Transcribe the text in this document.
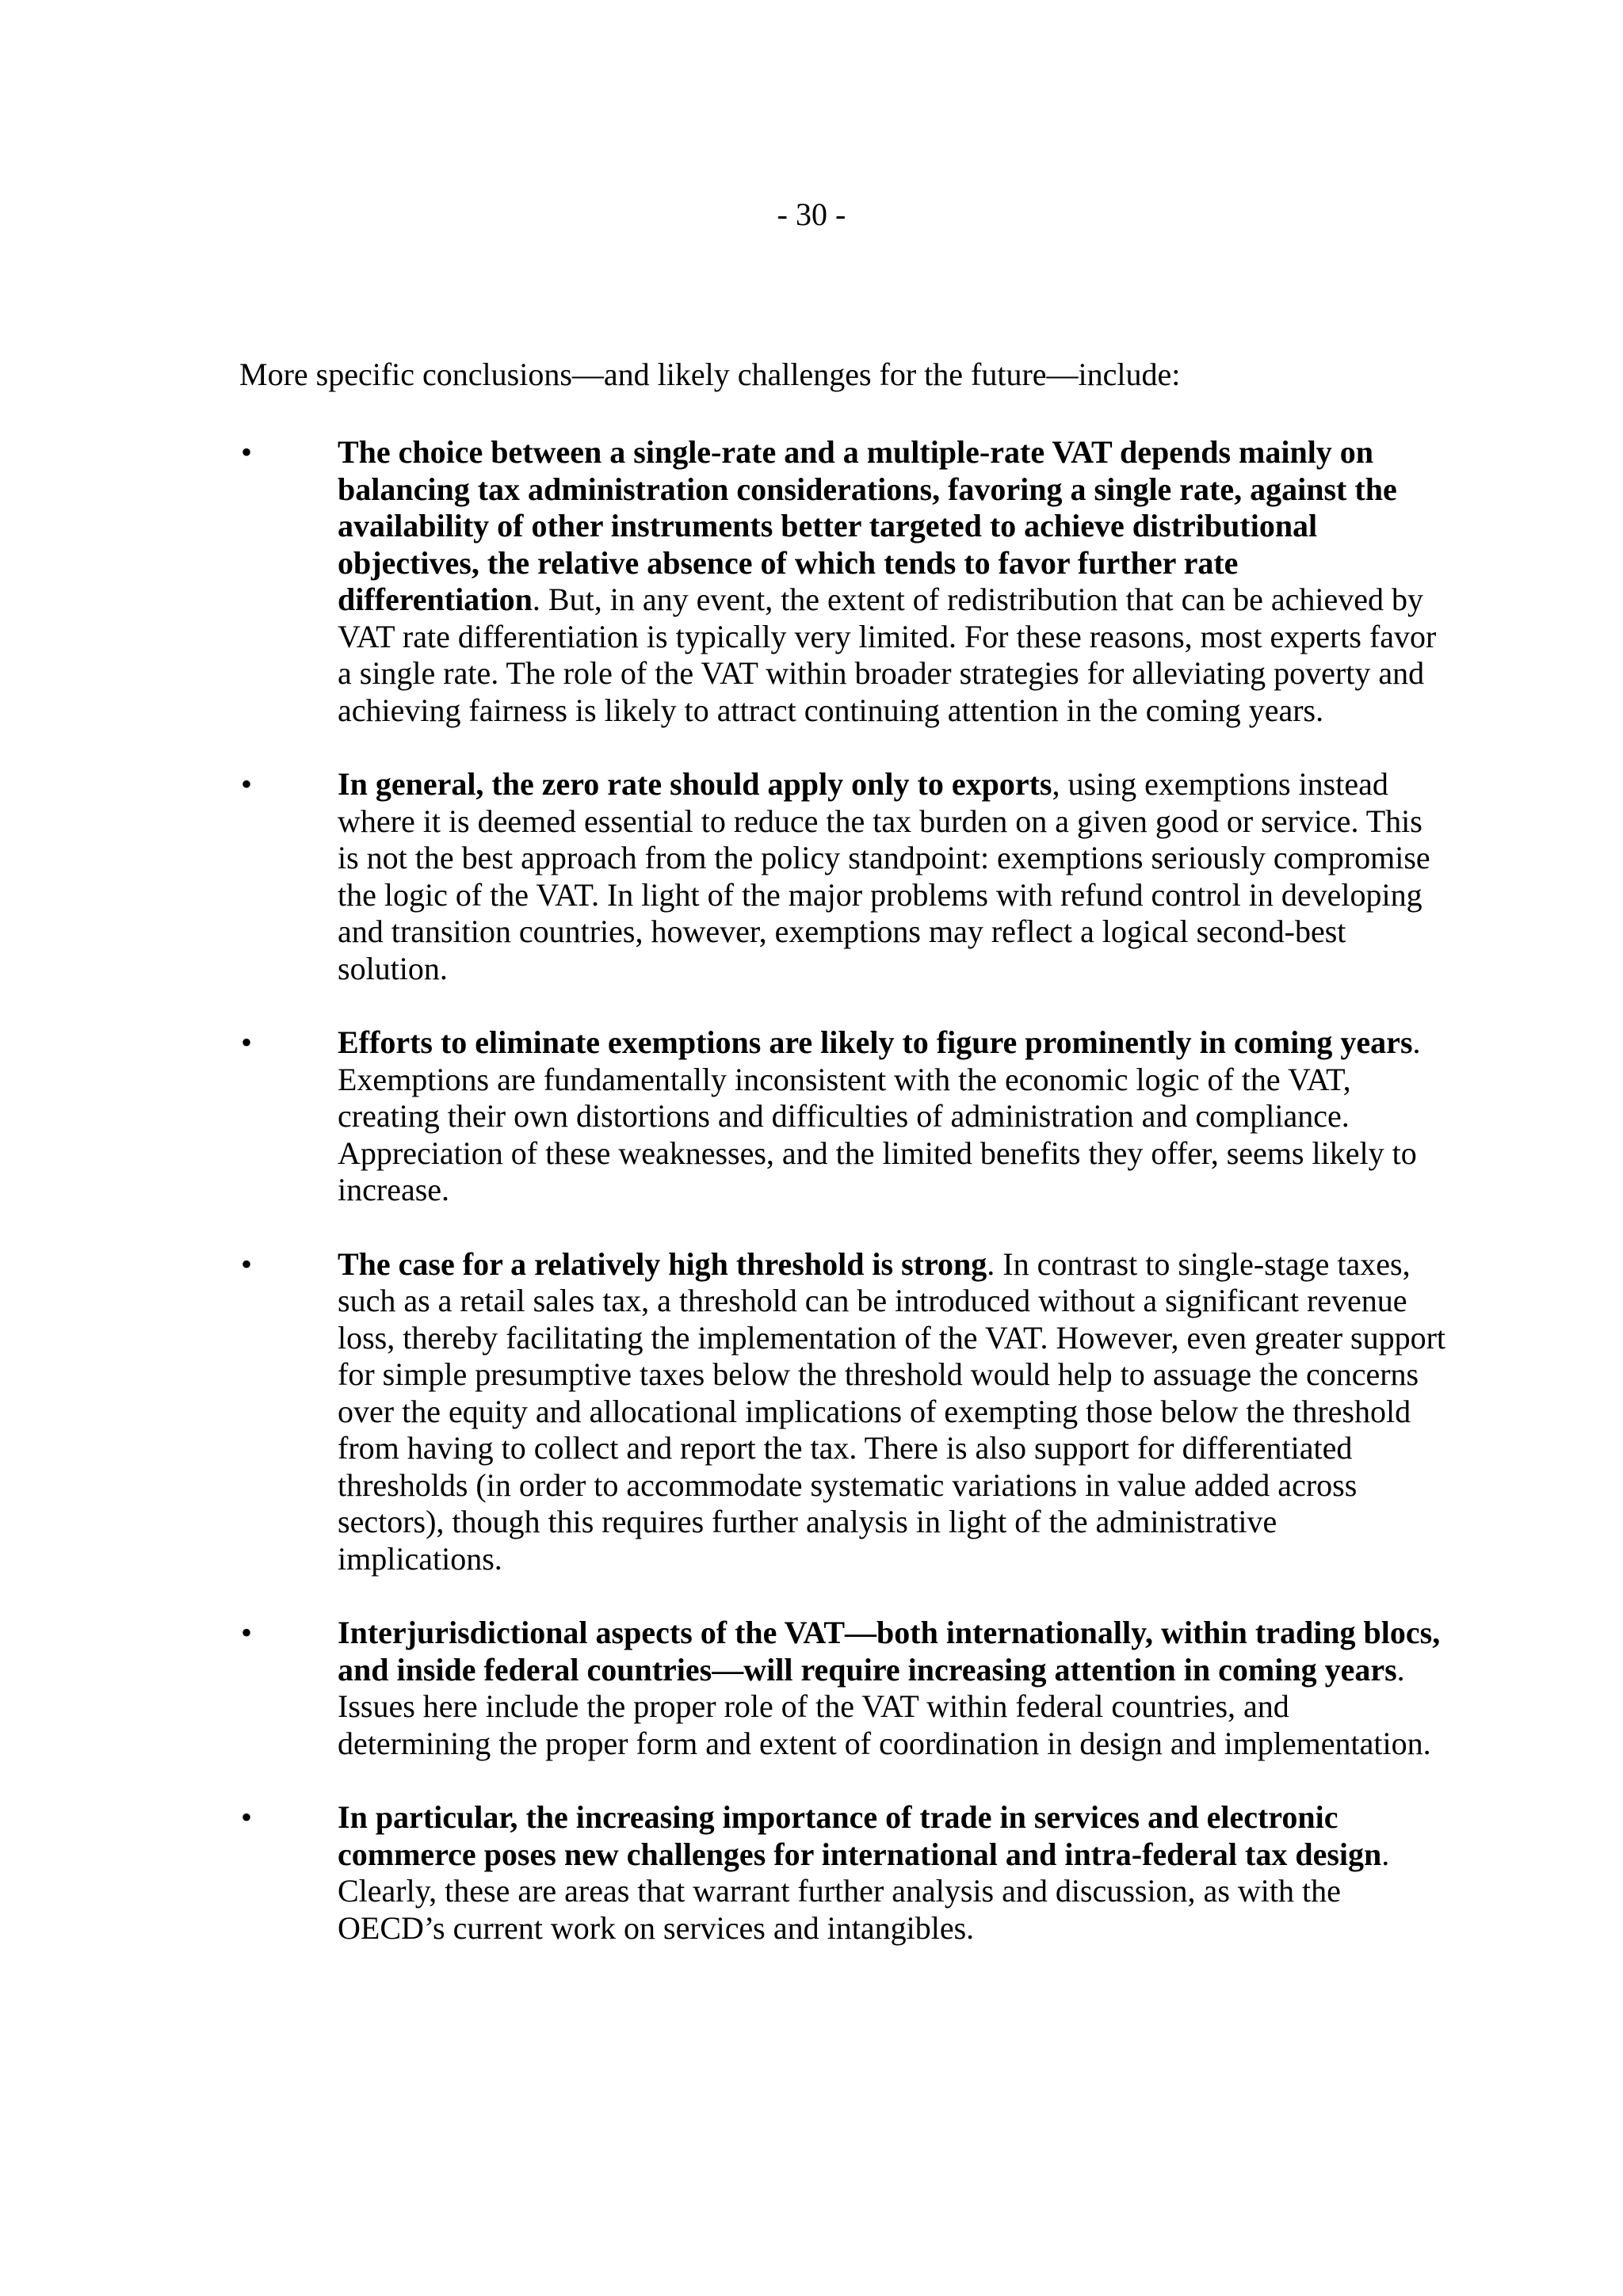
- 30 -

More specific conclusions—and likely challenges for the future—include:

•	The choice between a single-rate and a multiple-rate VAT depends mainly on balancing tax administration considerations, favoring a single rate, against the availability of other instruments better targeted to achieve distributional objectives, the relative absence of which tends to favor further rate differentiation. But, in any event, the extent of redistribution that can be achieved by VAT rate differentiation is typically very limited. For these reasons, most experts favor a single rate. The role of the VAT within broader strategies for alleviating poverty and achieving fairness is likely to attract continuing attention in the coming years.

•	In general, the zero rate should apply only to exports, using exemptions instead where it is deemed essential to reduce the tax burden on a given good or service. This is not the best approach from the policy standpoint: exemptions seriously compromise the logic of the VAT. In light of the major problems with refund control in developing and transition countries, however, exemptions may reflect a logical second-best solution.

•	Efforts to eliminate exemptions are likely to figure prominently in coming years. Exemptions are fundamentally inconsistent with the economic logic of the VAT, creating their own distortions and difficulties of administration and compliance. Appreciation of these weaknesses, and the limited benefits they offer, seems likely to increase.

•	The case for a relatively high threshold is strong. In contrast to single-stage taxes, such as a retail sales tax, a threshold can be introduced without a significant revenue loss, thereby facilitating the implementation of the VAT. However, even greater support for simple presumptive taxes below the threshold would help to assuage the concerns over the equity and allocational implications of exempting those below the threshold from having to collect and report the tax. There is also support for differentiated thresholds (in order to accommodate systematic variations in value added across sectors), though this requires further analysis in light of the administrative implications.

•	Interjurisdictional aspects of the VAT—both internationally, within trading blocs, and inside federal countries—will require increasing attention in coming years. Issues here include the proper role of the VAT within federal countries, and determining the proper form and extent of coordination in design and implementation.

•	In particular, the increasing importance of trade in services and electronic commerce poses new challenges for international and intra-federal tax design. Clearly, these are areas that warrant further analysis and discussion, as with the OECD’s current work on services and intangibles.
